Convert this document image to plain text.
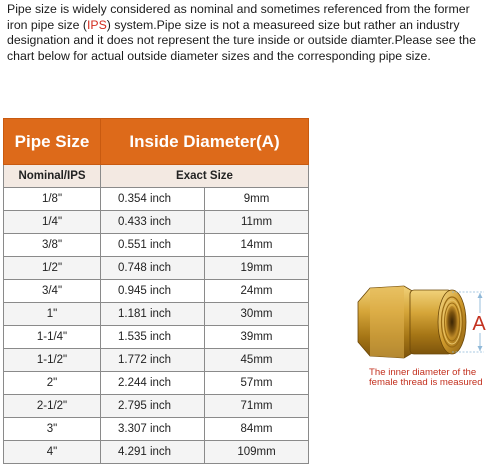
Pipe size is widely considered as nominal and sometimes referenced from the former iron pipe size (IPS) system.Pipe size is not a measureed size but rather an industry designation and it does not represent the ture inside or outside diamter.Please see the chart below for actual outside diameter sizes and the corresponding pipe size.

Pipe Size	Inside Diameter(A)	
Nominal/IPS	Exact Size	
1/8"	0.354 inch	9mm
1/4"	0.433 inch	11mm
3/8"	0.551 inch	14mm
1/2"	0.748 inch	19mm
3/4"	0.945 inch	24mm
1"	1.181 inch	30mm
1-1/4"	1.535 inch	39mm
1-1/2"	1.772 inch	45mm
2"	2.244 inch	57mm
2-1/2"	2.795 inch	71mm
3"	3.307 inch	84mm
4"	4.291 inch	109mm
A

The inner diameter of the female thread is measured
